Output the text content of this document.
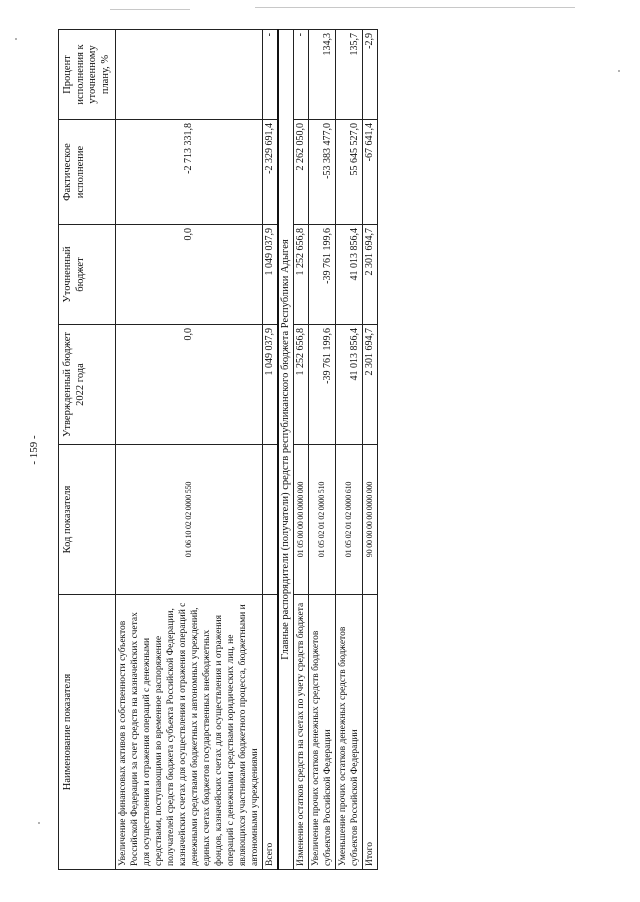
- 159 -
Наименование показателя	Код показателя	Утвержденный бюджет 2022 года	Уточненный бюджет	Фактическое исполнение	Процент исполнения к уточненному плану, %
Увеличение финансовых активов в собственности субъектов Российской Федерации за счет средств на казначейских счетах для осуществления и отражения операций с денежными средствами, поступающими во временное распоряжение получателей средств бюджета субъекта Российской Федерации, казначейских счетах для осуществления и отражения операций с денежными средствами бюджетных и автономных учреждений, единых счетах бюджетов государственных внебюджетных фондов, казначейских счетах для осуществления и отражения операций с денежными средствами юридических лиц, не являющихся участниками бюджетного процесса, бюджетными и автономными учреждениями	01 06 10 02 02 0000 550	0,0	0,0	-2 713 331,8	
Всего		1 049 037,9	1 049 037,9	-2 329 691,4	-
Главные распорядители (получатели) средств республиканского бюджета Республики Адыгея					
Изменение остатков средств на счетах по учету средств бюджета	01 05 00 00 00 0000 000	1 252 656,8	1 252 656,8	2 262 050,0	-
Увеличение прочих остатков денежных средств бюджетов субъектов Российской Федерации	01 05 02 01 02 0000 510	-39 761 199,6	-39 761 199,6	-53 383 477,0	134,3
Уменьшение прочих остатков денежных средств бюджетов субъектов Российской Федерации	01 05 02 01 02 0000 610	41 013 856,4	41 013 856,4	55 645 527,0	135,7
Итого	90 00 00 00 00 0000 000	2 301 694,7	2 301 694,7	-67 641,4	-2,9
